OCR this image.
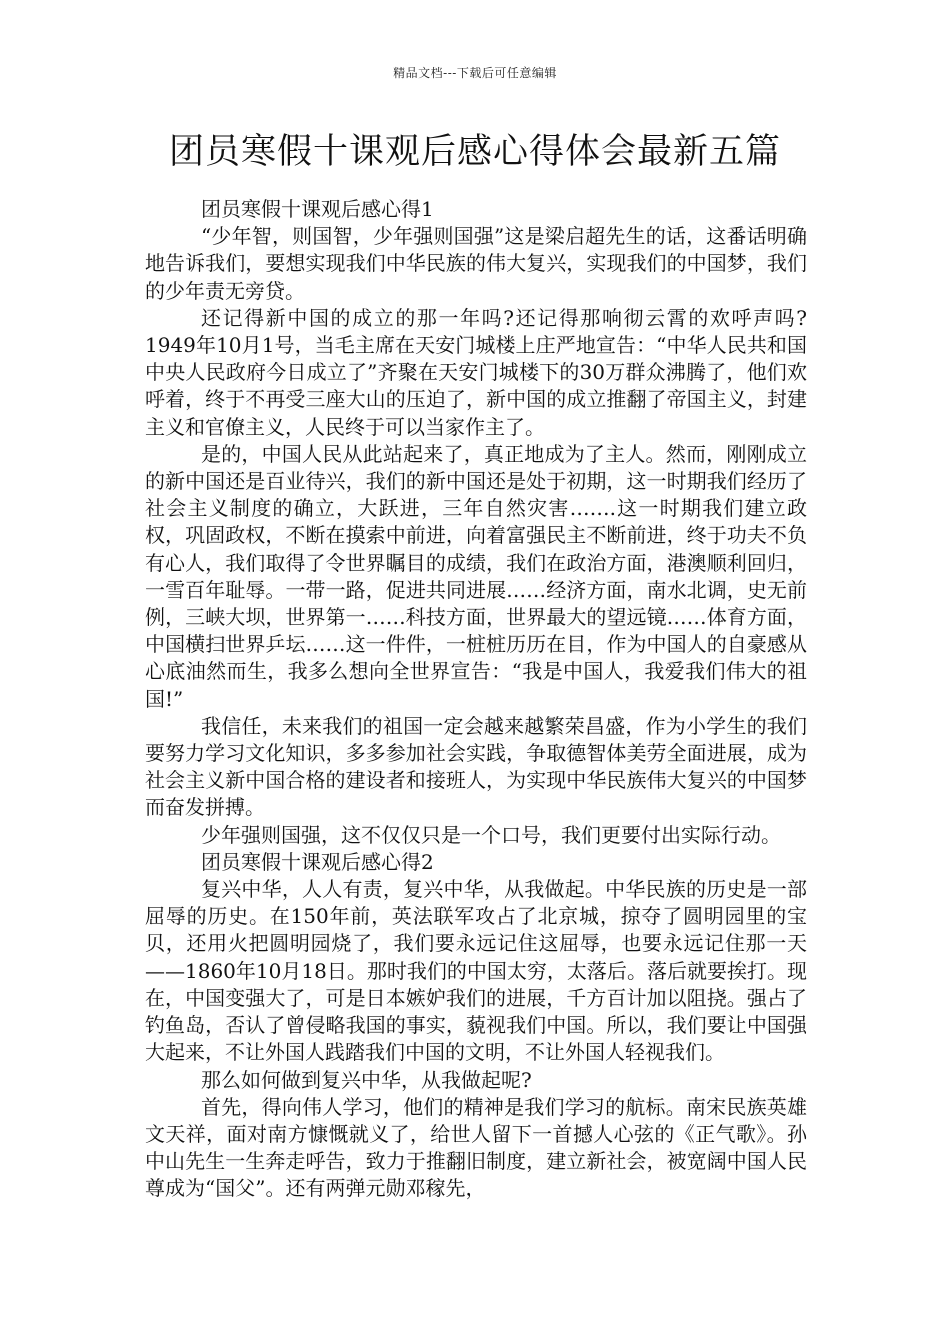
精品文档---下载后可任意编辑
团员寒假十课观后感心得体会最新五篇

团员寒假十课观后感心得1

“少年智，则国智，少年强则国强”这是梁启超先生的话，这番话明确地告诉我们，要想实现我们中华民族的伟大复兴，实现我们的中国梦，我们的少年责无旁贷。

还记得新中国的成立的那一年吗?还记得那响彻云霄的欢呼声吗?1949年10月1号，当毛主席在天安门城楼上庄严地宣告：“中华人民共和国中央人民政府今日成立了”齐聚在天安门城楼下的30万群众沸腾了，他们欢呼着，终于不再受三座大山的压迫了，新中国的成立推翻了帝国主义，封建主义和官僚主义，人民终于可以当家作主了。

是的，中国人民从此站起来了，真正地成为了主人。然而，刚刚成立的新中国还是百业待兴，我们的新中国还是处于初期，这一时期我们经历了社会主义制度的确立，大跃进，三年自然灾害…….这一时期我们建立政权，巩固政权，不断在摸索中前进，向着富强民主不断前进，终于功夫不负有心人，我们取得了令世界瞩目的成绩，我们在政治方面，港澳顺利回归，一雪百年耻辱。一带一路，促进共同进展……经济方面，南水北调，史无前例，三峡大坝，世界第一……科技方面，世界最大的望远镜……体育方面，中国横扫世界乒坛……这一件件，一桩桩历历在目，作为中国人的自豪感从心底油然而生，我多么想向全世界宣告：“我是中国人，我爱我们伟大的祖国!”

我信任，未来我们的祖国一定会越来越繁荣昌盛，作为小学生的我们要努力学习文化知识，多多参加社会实践，争取德智体美劳全面进展，成为社会主义新中国合格的建设者和接班人，为实现中华民族伟大复兴的中国梦而奋发拼搏。

少年强则国强，这不仅仅只是一个口号，我们更要付出实际行动。

团员寒假十课观后感心得2

复兴中华，人人有责，复兴中华，从我做起。中华民族的历史是一部屈辱的历史。在150年前，英法联军攻占了北京城，掠夺了圆明园里的宝贝，还用火把圆明园烧了，我们要永远记住这屈辱，也要永远记住那一天——1860年10月18日。那时我们的中国太穷，太落后。落后就要挨打。现在，中国变强大了，可是日本嫉妒我们的进展，千方百计加以阻挠。强占了钓鱼岛，否认了曾侵略我国的事实，藐视我们中国。所以，我们要让中国强大起来，不让外国人践踏我们中国的文明，不让外国人轻视我们。

那么如何做到复兴中华，从我做起呢?

首先，得向伟人学习，他们的精神是我们学习的航标。南宋民族英雄文天祥，面对南方慷慨就义了，给世人留下一首撼人心弦的《正气歌》。孙中山先生一生奔走呼告，致力于推翻旧制度，建立新社会，被宽阔中国人民尊成为“国父”。还有两弹元勋邓稼先，
